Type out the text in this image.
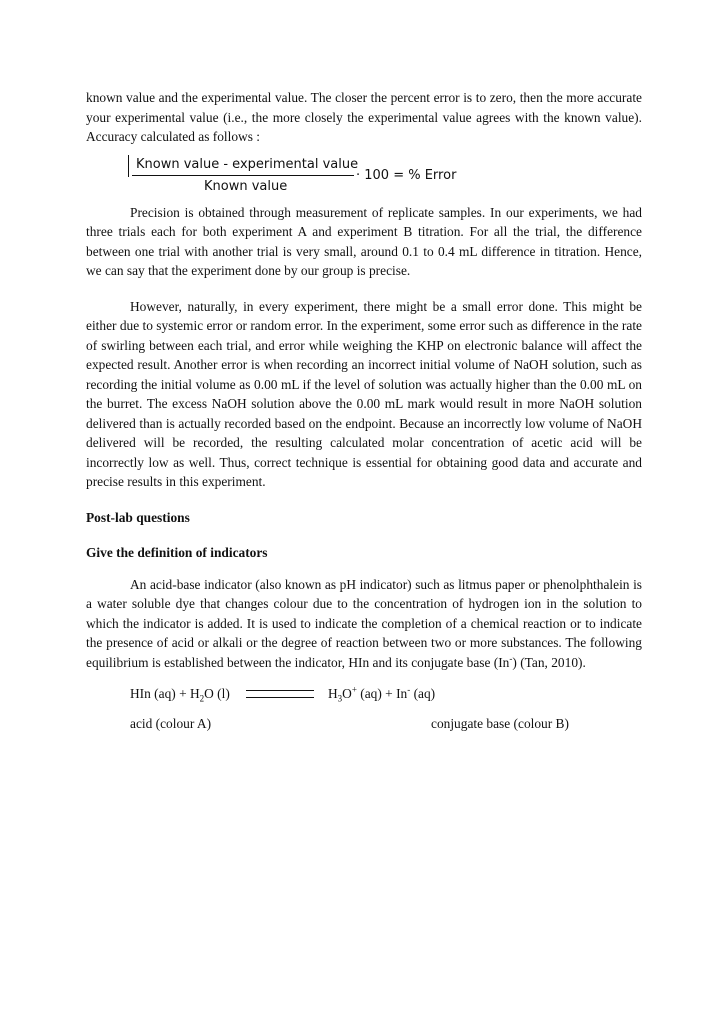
known value and the experimental value. The closer the percent error is to zero, then the more accurate your experimental value (i.e., the more closely the experimental value agrees with the known value). Accuracy calculated as follows :

Known value - experimental value
Known value
· 100 = % Error

Precision is obtained through measurement of replicate samples. In our experiments, we had three trials each for both experiment A and experiment B titration. For all the trial, the difference between one trial with another trial is very small, around 0.1 to 0.4 mL difference in titration. Hence, we can say that the experiment done by our group is precise.

However, naturally, in every experiment, there might be a small error done. This might be either due to systemic error or random error. In the experiment, some error such as difference in the rate of swirling between each trial, and error while weighing the KHP on electronic balance will affect the expected result. Another error is when recording an incorrect initial volume of NaOH solution, such as recording the initial volume as 0.00 mL if the level of solution was actually higher than the 0.00 mL on the burret. The excess NaOH solution above the 0.00 mL mark would result in more NaOH solution delivered than is actually recorded based on the endpoint. Because an incorrectly low volume of NaOH delivered will be recorded, the resulting calculated molar concentration of acetic acid will be incorrectly low as well. Thus, correct technique is essential for obtaining good data and accurate and precise results in this experiment.

Post-lab questions
Give the definition of indicators

An acid-base indicator (also known as pH indicator) such as litmus paper or phenolphthalein is a water soluble dye that changes colour due to the concentration of hydrogen ion in the solution to which the indicator is added. It is used to indicate the completion of a chemical reaction or to indicate the presence of acid or alkali or the degree of reaction between two or more substances. The following equilibrium is established between the indicator, HIn and its conjugate base (In-) (Tan, 2010).

HIn $(aq) + H_2O$ (l)	$H_3O^+$ (aq) + In- (aq)
acid (colour A)	conjugate base (colour B)
